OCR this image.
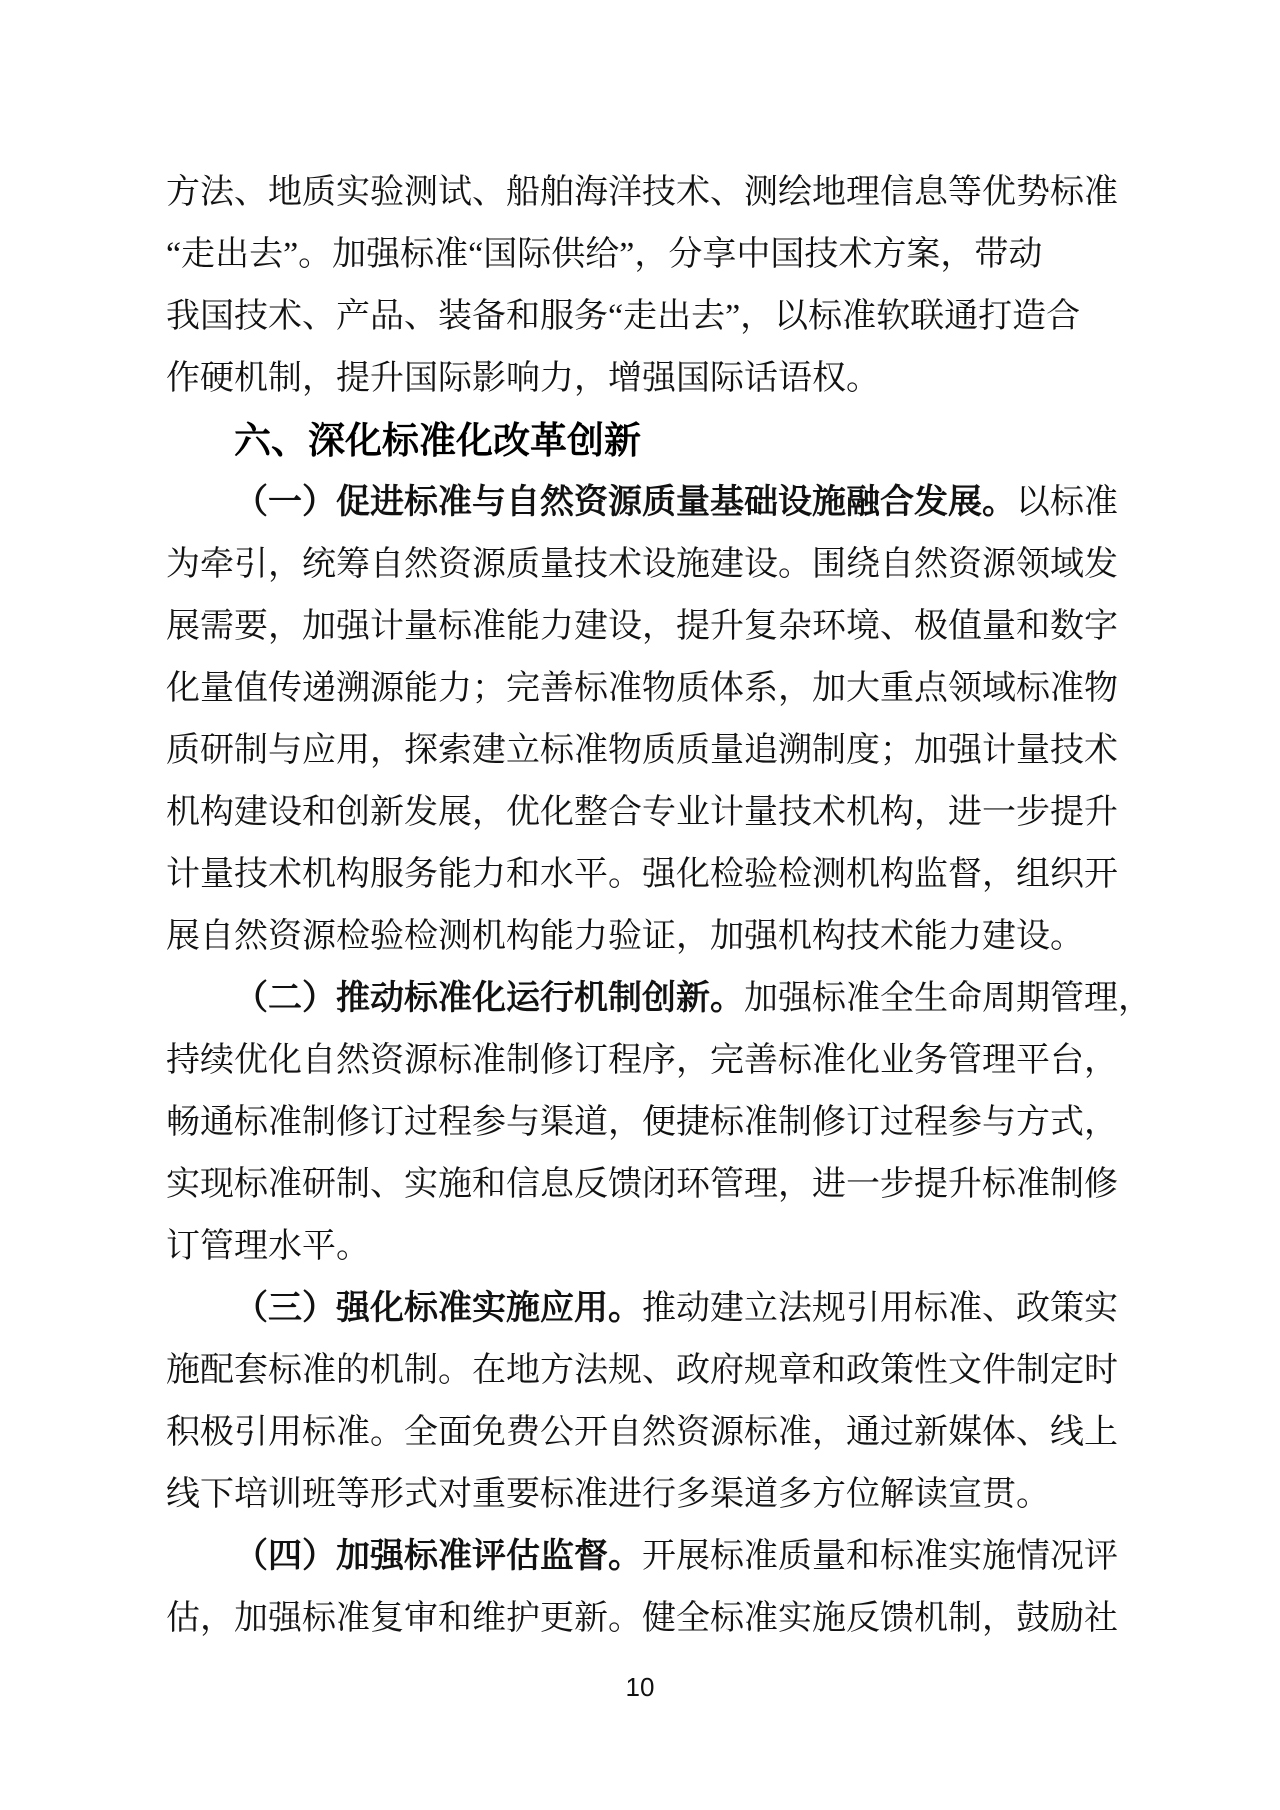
方法、地质实验测试、船舶海洋技术、测绘地理信息等优势标准
“走出去”。加强标准“国际供给”，分享中国技术方案，带动
我国技术、产品、装备和服务“走出去”，以标准软联通打造合
作硬机制，提升国际影响力，增强国际话语权。
六、深化标准化改革创新
（一）促进标准与自然资源质量基础设施融合发展。以标准
为牵引，统筹自然资源质量技术设施建设。围绕自然资源领域发
展需要，加强计量标准能力建设，提升复杂环境、极值量和数字
化量值传递溯源能力；完善标准物质体系，加大重点领域标准物
质研制与应用，探索建立标准物质质量追溯制度；加强计量技术
机构建设和创新发展，优化整合专业计量技术机构，进一步提升
计量技术机构服务能力和水平。强化检验检测机构监督，组织开
展自然资源检验检测机构能力验证，加强机构技术能力建设。
（二）推动标准化运行机制创新。加强标准全生命周期管理，
持续优化自然资源标准制修订程序，完善标准化业务管理平台，
畅通标准制修订过程参与渠道，便捷标准制修订过程参与方式，
实现标准研制、实施和信息反馈闭环管理，进一步提升标准制修
订管理水平。
（三）强化标准实施应用。推动建立法规引用标准、政策实
施配套标准的机制。在地方法规、政府规章和政策性文件制定时
积极引用标准。全面免费公开自然资源标准，通过新媒体、线上
线下培训班等形式对重要标准进行多渠道多方位解读宣贯。
（四）加强标准评估监督。开展标准质量和标准实施情况评
估，加强标准复审和维护更新。健全标准实施反馈机制，鼓励社
10
